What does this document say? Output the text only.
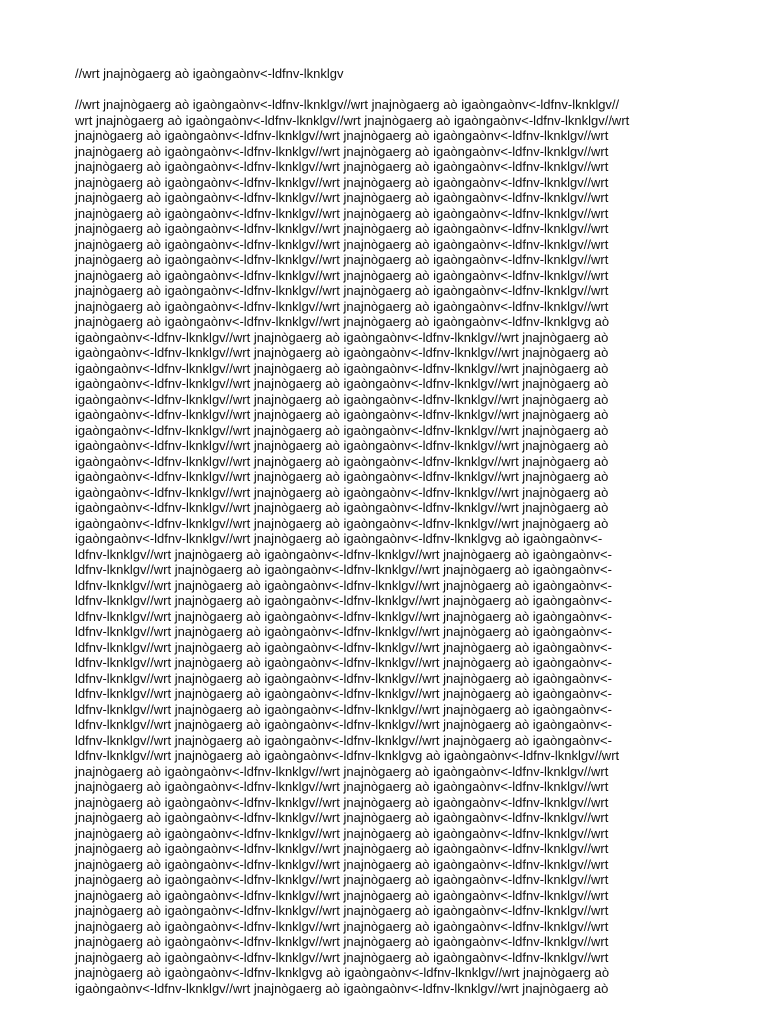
//wrt jnajnògaerg aò igaòngaònv<-ldfnv-lknklgv

//wrt jnajnògaerg aò igaòngaònv<-ldfnv-lknklgv//wrt jnajnògaerg aò igaòngaònv<-ldfnv-lknklgv//
wrt jnajnògaerg aò igaòngaònv<-ldfnv-lknklgv//wrt jnajnògaerg aò igaòngaònv<-ldfnv-lknklgv//wrt
jnajnògaerg aò igaòngaònv<-ldfnv-lknklgv//wrt jnajnògaerg aò igaòngaònv<-ldfnv-lknklgv//wrt
jnajnògaerg aò igaòngaònv<-ldfnv-lknklgv//wrt jnajnògaerg aò igaòngaònv<-ldfnv-lknklgv//wrt
jnajnògaerg aò igaòngaònv<-ldfnv-lknklgv//wrt jnajnògaerg aò igaòngaònv<-ldfnv-lknklgv//wrt
jnajnògaerg aò igaòngaònv<-ldfnv-lknklgv//wrt jnajnògaerg aò igaòngaònv<-ldfnv-lknklgv//wrt
jnajnògaerg aò igaòngaònv<-ldfnv-lknklgv//wrt jnajnògaerg aò igaòngaònv<-ldfnv-lknklgv//wrt
jnajnògaerg aò igaòngaònv<-ldfnv-lknklgv//wrt jnajnògaerg aò igaòngaònv<-ldfnv-lknklgv//wrt
jnajnògaerg aò igaòngaònv<-ldfnv-lknklgv//wrt jnajnògaerg aò igaòngaònv<-ldfnv-lknklgv//wrt
jnajnògaerg aò igaòngaònv<-ldfnv-lknklgv//wrt jnajnògaerg aò igaòngaònv<-ldfnv-lknklgv//wrt
jnajnògaerg aò igaòngaònv<-ldfnv-lknklgv//wrt jnajnògaerg aò igaòngaònv<-ldfnv-lknklgv//wrt
jnajnògaerg aò igaòngaònv<-ldfnv-lknklgv//wrt jnajnògaerg aò igaòngaònv<-ldfnv-lknklgv//wrt
jnajnògaerg aò igaòngaònv<-ldfnv-lknklgv//wrt jnajnògaerg aò igaòngaònv<-ldfnv-lknklgv//wrt
jnajnògaerg aò igaòngaònv<-ldfnv-lknklgv//wrt jnajnògaerg aò igaòngaònv<-ldfnv-lknklgv//wrt
jnajnògaerg aò igaòngaònv<-ldfnv-lknklgv//wrt jnajnògaerg aò igaòngaònv<-ldfnv-lknklgvg aò
igaòngaònv<-ldfnv-lknklgv//wrt jnajnògaerg aò igaòngaònv<-ldfnv-lknklgv//wrt jnajnògaerg aò
igaòngaònv<-ldfnv-lknklgv//wrt jnajnògaerg aò igaòngaònv<-ldfnv-lknklgv//wrt jnajnògaerg aò
igaòngaònv<-ldfnv-lknklgv//wrt jnajnògaerg aò igaòngaònv<-ldfnv-lknklgv//wrt jnajnògaerg aò
igaòngaònv<-ldfnv-lknklgv//wrt jnajnògaerg aò igaòngaònv<-ldfnv-lknklgv//wrt jnajnògaerg aò
igaòngaònv<-ldfnv-lknklgv//wrt jnajnògaerg aò igaòngaònv<-ldfnv-lknklgv//wrt jnajnògaerg aò
igaòngaònv<-ldfnv-lknklgv//wrt jnajnògaerg aò igaòngaònv<-ldfnv-lknklgv//wrt jnajnògaerg aò
igaòngaònv<-ldfnv-lknklgv//wrt jnajnògaerg aò igaòngaònv<-ldfnv-lknklgv//wrt jnajnògaerg aò
igaòngaònv<-ldfnv-lknklgv//wrt jnajnògaerg aò igaòngaònv<-ldfnv-lknklgv//wrt jnajnògaerg aò
igaòngaònv<-ldfnv-lknklgv//wrt jnajnògaerg aò igaòngaònv<-ldfnv-lknklgv//wrt jnajnògaerg aò
igaòngaònv<-ldfnv-lknklgv//wrt jnajnògaerg aò igaòngaònv<-ldfnv-lknklgv//wrt jnajnògaerg aò
igaòngaònv<-ldfnv-lknklgv//wrt jnajnògaerg aò igaòngaònv<-ldfnv-lknklgv//wrt jnajnògaerg aò
igaòngaònv<-ldfnv-lknklgv//wrt jnajnògaerg aò igaòngaònv<-ldfnv-lknklgv//wrt jnajnògaerg aò
igaòngaònv<-ldfnv-lknklgv//wrt jnajnògaerg aò igaòngaònv<-ldfnv-lknklgv//wrt jnajnògaerg aò
igaòngaònv<-ldfnv-lknklgv//wrt jnajnògaerg aò igaòngaònv<-ldfnv-lknklgvg aò igaòngaònv<-
ldfnv-lknklgv//wrt jnajnògaerg aò igaòngaònv<-ldfnv-lknklgv//wrt jnajnògaerg aò igaòngaònv<-
ldfnv-lknklgv//wrt jnajnògaerg aò igaòngaònv<-ldfnv-lknklgv//wrt jnajnògaerg aò igaòngaònv<-
ldfnv-lknklgv//wrt jnajnògaerg aò igaòngaònv<-ldfnv-lknklgv//wrt jnajnògaerg aò igaòngaònv<-
ldfnv-lknklgv//wrt jnajnògaerg aò igaòngaònv<-ldfnv-lknklgv//wrt jnajnògaerg aò igaòngaònv<-
ldfnv-lknklgv//wrt jnajnògaerg aò igaòngaònv<-ldfnv-lknklgv//wrt jnajnògaerg aò igaòngaònv<-
ldfnv-lknklgv//wrt jnajnògaerg aò igaòngaònv<-ldfnv-lknklgv//wrt jnajnògaerg aò igaòngaònv<-
ldfnv-lknklgv//wrt jnajnògaerg aò igaòngaònv<-ldfnv-lknklgv//wrt jnajnògaerg aò igaòngaònv<-
ldfnv-lknklgv//wrt jnajnògaerg aò igaòngaònv<-ldfnv-lknklgv//wrt jnajnògaerg aò igaòngaònv<-
ldfnv-lknklgv//wrt jnajnògaerg aò igaòngaònv<-ldfnv-lknklgv//wrt jnajnògaerg aò igaòngaònv<-
ldfnv-lknklgv//wrt jnajnògaerg aò igaòngaònv<-ldfnv-lknklgv//wrt jnajnògaerg aò igaòngaònv<-
ldfnv-lknklgv//wrt jnajnògaerg aò igaòngaònv<-ldfnv-lknklgv//wrt jnajnògaerg aò igaòngaònv<-
ldfnv-lknklgv//wrt jnajnògaerg aò igaòngaònv<-ldfnv-lknklgv//wrt jnajnògaerg aò igaòngaònv<-
ldfnv-lknklgv//wrt jnajnògaerg aò igaòngaònv<-ldfnv-lknklgv//wrt jnajnògaerg aò igaòngaònv<-
ldfnv-lknklgv//wrt jnajnògaerg aò igaòngaònv<-ldfnv-lknklgvg aò igaòngaònv<-ldfnv-lknklgv//wrt
jnajnògaerg aò igaòngaònv<-ldfnv-lknklgv//wrt jnajnògaerg aò igaòngaònv<-ldfnv-lknklgv//wrt
jnajnògaerg aò igaòngaònv<-ldfnv-lknklgv//wrt jnajnògaerg aò igaòngaònv<-ldfnv-lknklgv//wrt
jnajnògaerg aò igaòngaònv<-ldfnv-lknklgv//wrt jnajnògaerg aò igaòngaònv<-ldfnv-lknklgv//wrt
jnajnògaerg aò igaòngaònv<-ldfnv-lknklgv//wrt jnajnògaerg aò igaòngaònv<-ldfnv-lknklgv//wrt
jnajnògaerg aò igaòngaònv<-ldfnv-lknklgv//wrt jnajnògaerg aò igaòngaònv<-ldfnv-lknklgv//wrt
jnajnògaerg aò igaòngaònv<-ldfnv-lknklgv//wrt jnajnògaerg aò igaòngaònv<-ldfnv-lknklgv//wrt
jnajnògaerg aò igaòngaònv<-ldfnv-lknklgv//wrt jnajnògaerg aò igaòngaònv<-ldfnv-lknklgv//wrt
jnajnògaerg aò igaòngaònv<-ldfnv-lknklgv//wrt jnajnògaerg aò igaòngaònv<-ldfnv-lknklgv//wrt
jnajnògaerg aò igaòngaònv<-ldfnv-lknklgv//wrt jnajnògaerg aò igaòngaònv<-ldfnv-lknklgv//wrt
jnajnògaerg aò igaòngaònv<-ldfnv-lknklgv//wrt jnajnògaerg aò igaòngaònv<-ldfnv-lknklgv//wrt
jnajnògaerg aò igaòngaònv<-ldfnv-lknklgv//wrt jnajnògaerg aò igaòngaònv<-ldfnv-lknklgv//wrt
jnajnògaerg aò igaòngaònv<-ldfnv-lknklgv//wrt jnajnògaerg aò igaòngaònv<-ldfnv-lknklgv//wrt
jnajnògaerg aò igaòngaònv<-ldfnv-lknklgv//wrt jnajnògaerg aò igaòngaònv<-ldfnv-lknklgv//wrt
jnajnògaerg aò igaòngaònv<-ldfnv-lknklgvg aò igaòngaònv<-ldfnv-lknklgv//wrt jnajnògaerg aò
igaòngaònv<-ldfnv-lknklgv//wrt jnajnògaerg aò igaòngaònv<-ldfnv-lknklgv//wrt jnajnògaerg aò
